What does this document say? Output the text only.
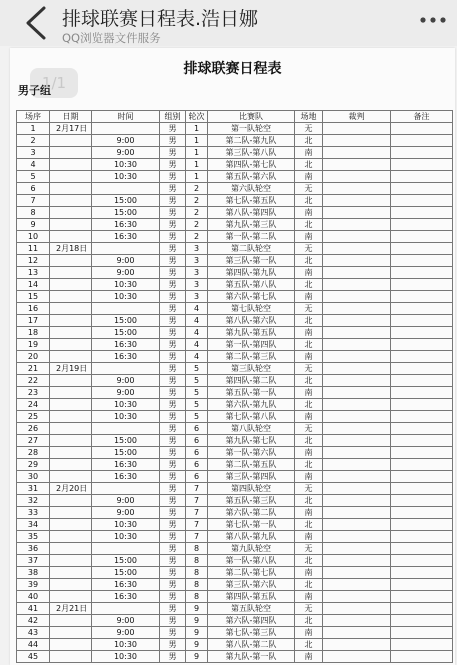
排球联赛日程表.浩日娜
QQ浏览器文件服务
排球联赛日程表
男子组
1/1
场序	日期	时间	组别	轮次	比赛队	场地	裁判	备注
1	2月17日		男	1	第一队轮空	无		
2		9:00	男	1	第二队-第九队	北		
3		9:00	男	1	第三队-第八队	南		
4		10:30	男	1	第四队-第七队	北		
5		10:30	男	1	第五队-第六队	南		
6			男	2	第六队轮空	无		
7		15:00	男	2	第七队-第五队	北		
8		15:00	男	2	第八队-第四队	南		
9		16:30	男	2	第九队-第三队	北		
10		16:30	男	2	第一队-第二队	南		
11	2月18日		男	3	第二队轮空	无		
12		9:00	男	3	第三队-第一队	北		
13		9:00	男	3	第四队-第九队	南		
14		10:30	男	3	第五队-第八队	北		
15		10:30	男	3	第六队-第七队	南		
16			男	4	第七队轮空	无		
17		15:00	男	4	第八队-第六队	北		
18		15:00	男	4	第九队-第五队	南		
19		16:30	男	4	第一队-第四队	北		
20		16:30	男	4	第二队-第三队	南		
21	2月19日		男	5	第三队轮空	无		
22		9:00	男	5	第四队-第二队	北		
23		9:00	男	5	第五队-第一队	南		
24		10:30	男	5	第六队-第九队	北		
25		10:30	男	5	第七队-第八队	南		
26			男	6	第八队轮空	无		
27		15:00	男	6	第九队-第七队	北		
28		15:00	男	6	第一队-第六队	南		
29		16:30	男	6	第二队-第五队	北		
30		16:30	男	6	第三队-第四队	南		
31	2月20日		男	7	第四队轮空	无		
32		9:00	男	7	第五队-第三队	北		
33		9:00	男	7	第六队-第二队	南		
34		10:30	男	7	第七队-第一队	北		
35		10:30	男	7	第八队-第九队	南		
36			男	8	第九队轮空	无		
37		15:00	男	8	第一队-第八队	北		
38		15:00	男	8	第二队-第七队	南		
39		16:30	男	8	第三队-第六队	北		
40		16:30	男	8	第四队-第五队	南		
41	2月21日		男	9	第五队轮空	无		
42		9:00	男	9	第六队-第四队	北		
43		9:00	男	9	第七队-第三队	南		
44		10:30	男	9	第八队-第二队	北		
45		10:30	男	9	第九队-第一队	南		
